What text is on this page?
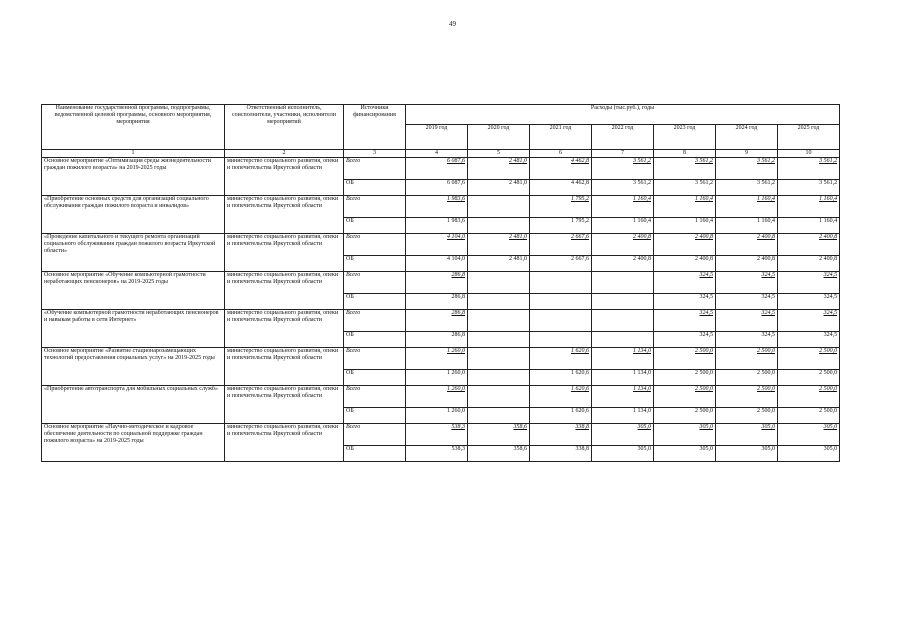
49
Наименование государственной программы, подпрограммы, ведомственной целевой программы, основного мероприятия, мероприятия	Ответственный исполнитель, соисполнители, участники, исполнители мероприятий	Источники финансирования	Расходы (тыс.руб.), годы						
			2019 год	2020 год	2021 год	2022 год	2023 год	2024 год	2025 год
1	2	3	4	5	6	7	8	9	10
Основное мероприятие «Оптимизация среды жизнедеятельности граждан пожилого возраста» на 2019-2025 годы	министерство социального развития, опеки и попечительства Иркутской области	Всего	6 087,6	2 481,0	4 462,8	3 561,2	3 561,2	3 561,2	3 561,2
		ОБ	6 087,6	2 481,0	4 462,8	3 561,2	3 561,2	3 561,2	3 561,2
«Приобретение основных средств для организаций социального обслуживания граждан пожилого возраста и инвалидов»	министерство социального развития, опеки и попечительства Иркутской области	Всего	1 983,6		1 795,2	1 160,4	1 160,4	1 160,4	1 160,4
		ОБ	1 983,6		1 795,2	1 160,4	1 160,4	1 160,4	1 160,4
«Проведение капитального и текущего ремонта организаций социального обслуживания граждан пожилого возраста Иркутской области»	министерство социального развития, опеки и попечительства Иркутской области	Всего	4 104,0	2 481,0	2 667,6	2 400,8	2 400,8	2 400,8	2 400,8
		ОБ	4 104,0	2 481,0	2 667,6	2 400,8	2 400,8	2 400,8	2 400,8
Основное мероприятие «Обучение компьютерной грамотности неработающих пенсионеров» на 2019-2025 годы	министерство социального развития, опеки и попечительства Иркутской области	Всего	286,8				324,5	324,5	324,5
		ОБ	286,8				324,5	324,5	324,5
«Обучение компьютерной грамотности неработающих пенсионеров и навыкам работы в сети Интернет»	министерство социального развития, опеки и попечительства Иркутской области	Всего	286,8				324,5	324,5	324,5
		ОБ	286,8				324,5	324,5	324,5
Основное мероприятие «Развитие стационарозамещающих технологий предоставления социальных услуг» на 2019-2025 годы	министерство социального развития, опеки и попечительства Иркутской области	Всего	1 260,0		1 620,6	1 134,0	2 500,0	2 500,0	2 500,0
		ОБ	1 260,0		1 620,6	1 134,0	2 500,0	2 500,0	2 500,0
«Приобретение автотранспорта для мобильных социальных служб»	министерство социального развития, опеки и попечительства Иркутской области	Всего	1 260,0		1 620,6	1 134,0	2 500,0	2 500,0	2 500,0
		ОБ	1 260,0		1 620,6	1 134,0	2 500,0	2 500,0	2 500,0
Основное мероприятие «Научно-методическое и кадровое обеспечение деятельности по социальной поддержке граждан пожилого возраста» на 2019-2025 годы	министерство социального развития, опеки и попечительства Иркутской области	Всего	538,3	358,6	338,8	305,0	305,0	305,0	305,0
		ОБ	538,3	358,6	338,8	305,0	305,0	305,0	305,0
